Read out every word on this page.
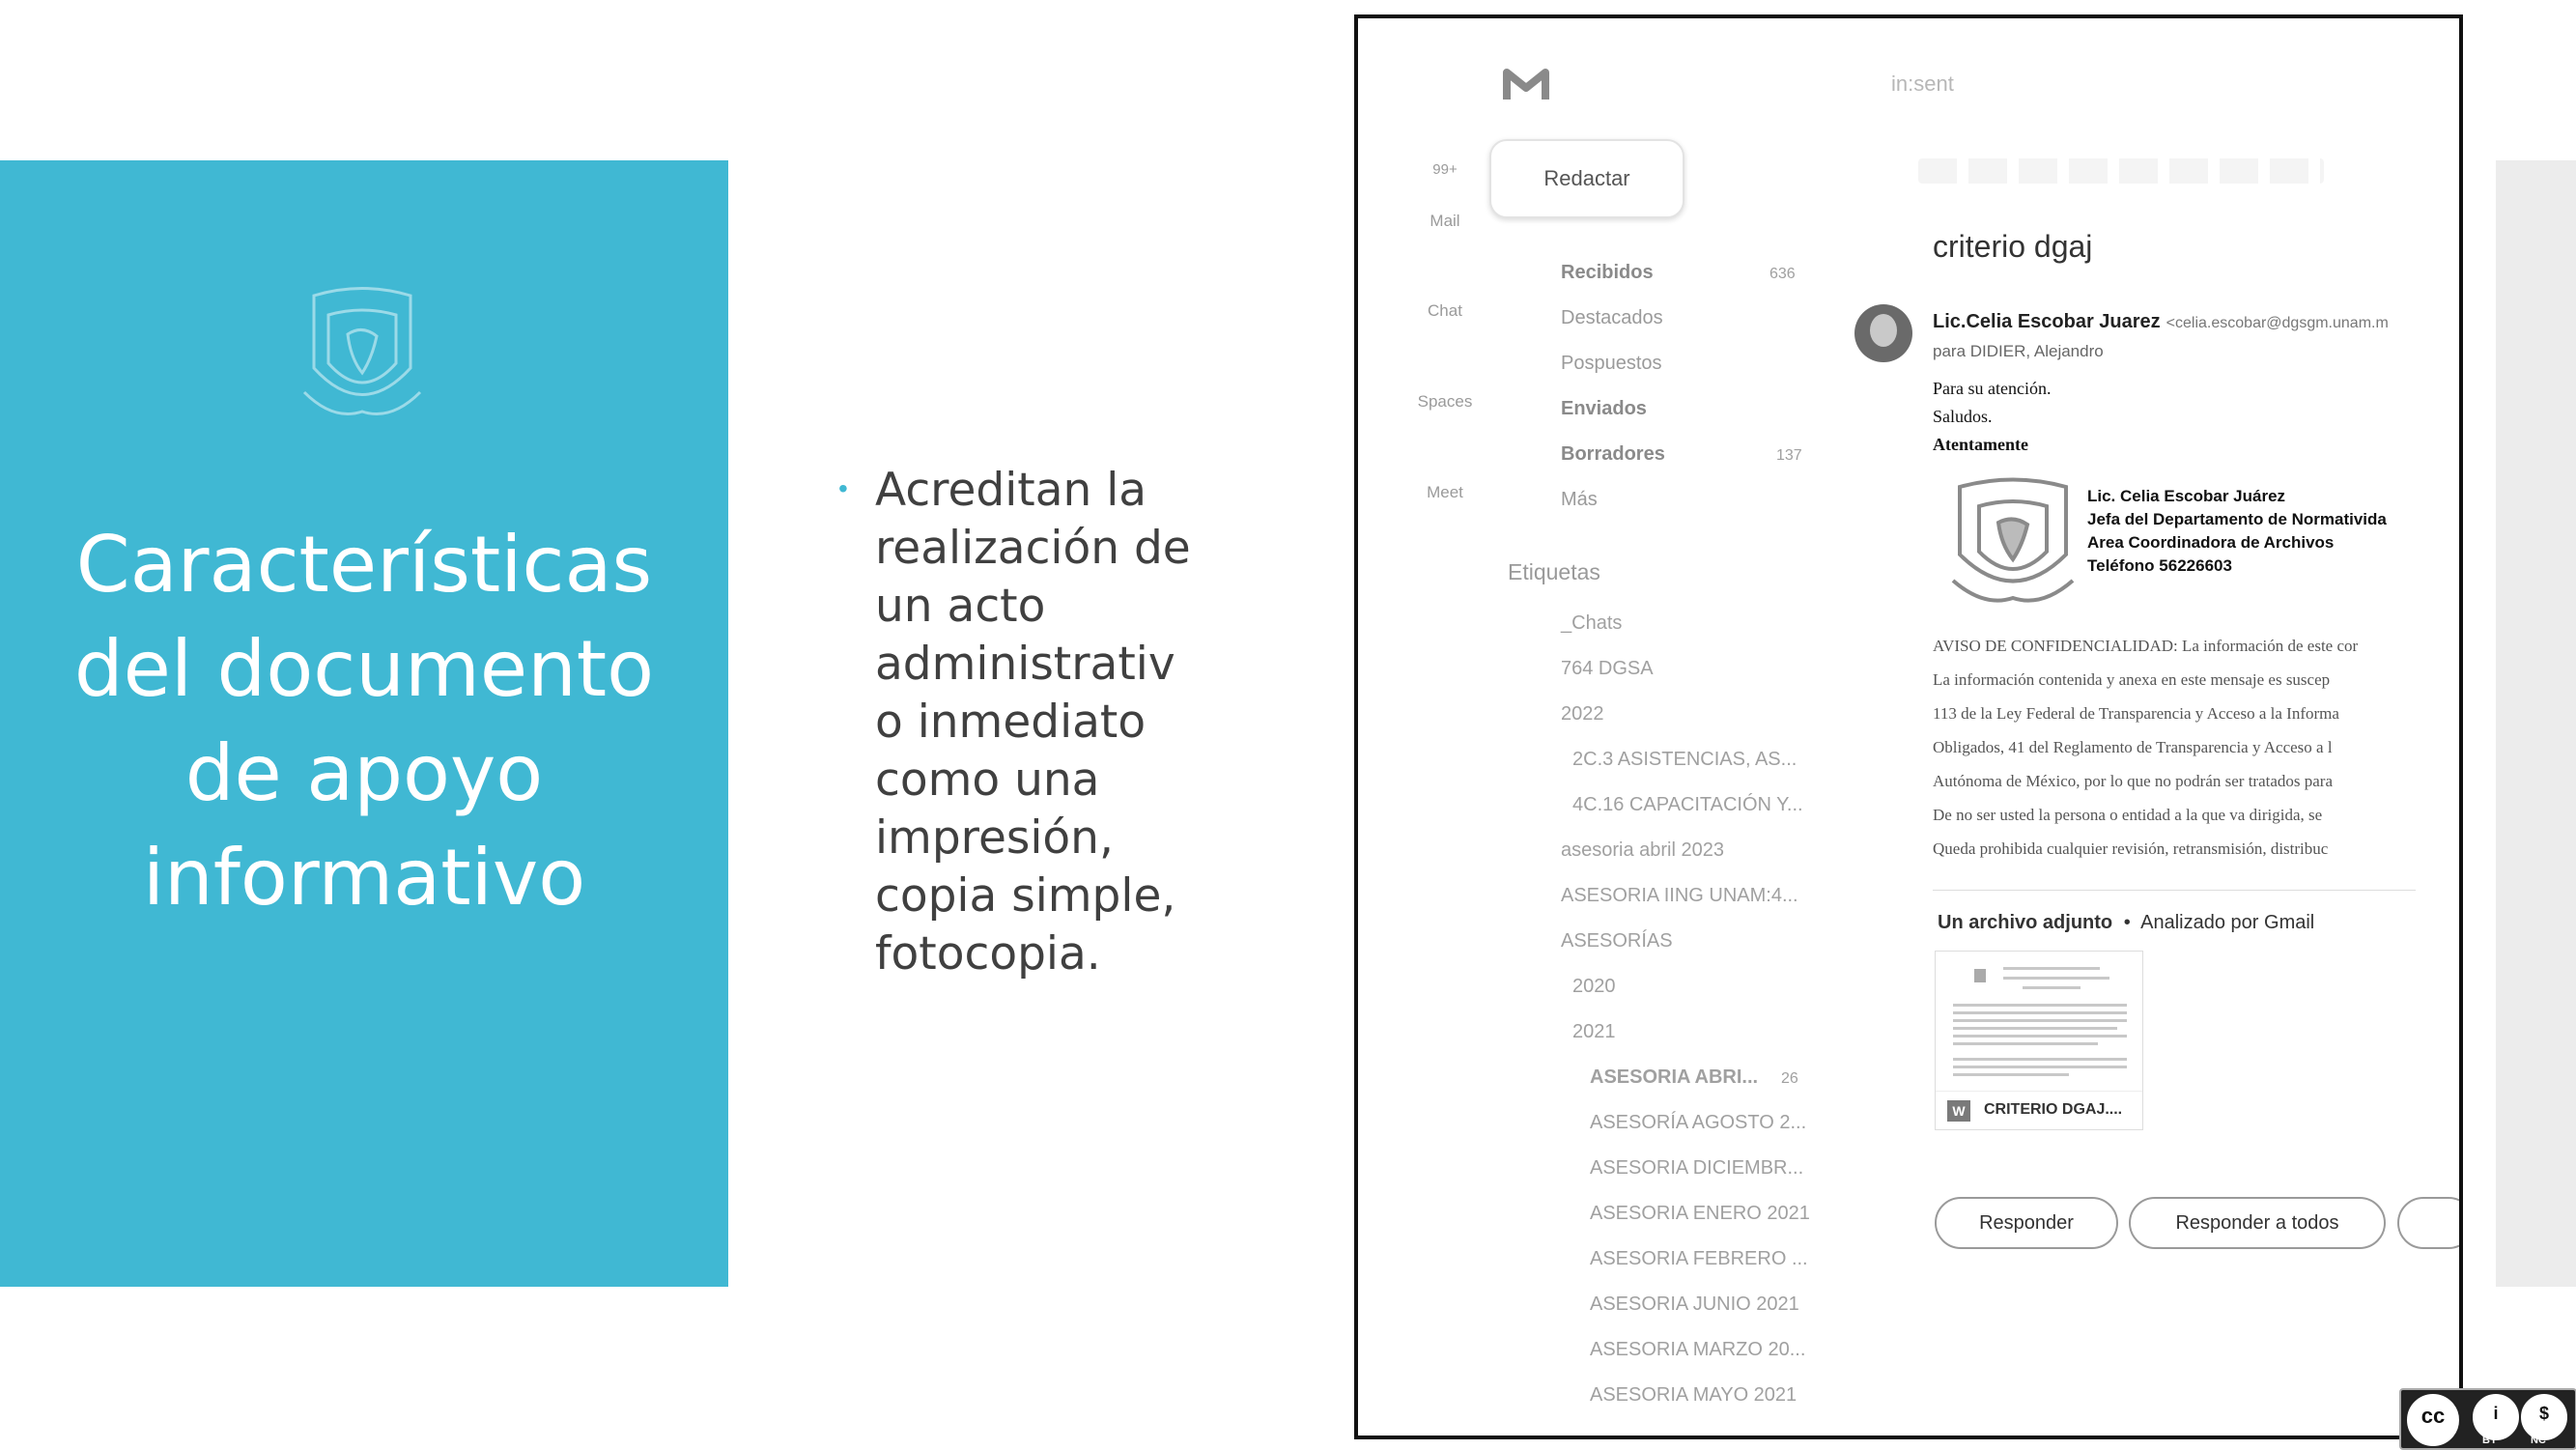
Características del documento de apoyo informativo
• Acreditan la
realización de
un acto
administrativ
o inmediato
como una
impresión,
copia simple,
fotocopia.
in:sent
99+
Mail
Chat
Spaces
Meet
Redactar
Recibidos	636
Destacados
Pospuestos
Enviados
Borradores	137
Más
Etiquetas
_Chats
764 DGSA
2022
2C.3 ASISTENCIAS, AS...
4C.16 CAPACITACIÓN Y...
asesoria abril 2023
ASESORIA IING UNAM:4...
ASESORÍAS
2020
2021
ASESORIA ABRI... 26
ASESORÍA AGOSTO 2...
ASESORIA DICIEMBR...
ASESORIA ENERO 2021
ASESORIA FEBRERO ...
ASESORIA JUNIO 2021
ASESORIA MARZO 20...
ASESORIA MAYO 2021
criterio dgaj
Lic.Celia Escobar Juarez <celia.escobar@dgsgm.unam.m
para DIDIER, Alejandro
Para su atención.
Saludos.
Atentamente
Lic. Celia Escobar Juárez
Jefa del Departamento de Normativida
Area Coordinadora de Archivos
Teléfono 56226603
AVISO DE CONFIDENCIALIDAD: La información de este cor
La información contenida y anexa en este mensaje es suscep
113 de la Ley Federal de Transparencia y Acceso a la Informa
Obligados, 41 del Reglamento de Transparencia y Acceso a l
Autónoma de México, por lo que no podrán ser tratados para
De no ser usted la persona o entidad a la que va dirigida, se
Queda prohibida cualquier revisión, retransmisión, distribuc
Un archivo adjunto • Analizado por Gmail
W	CRITERIO DGAJ....
Responder	Responder a todos
cc	i	$
BY	NC
